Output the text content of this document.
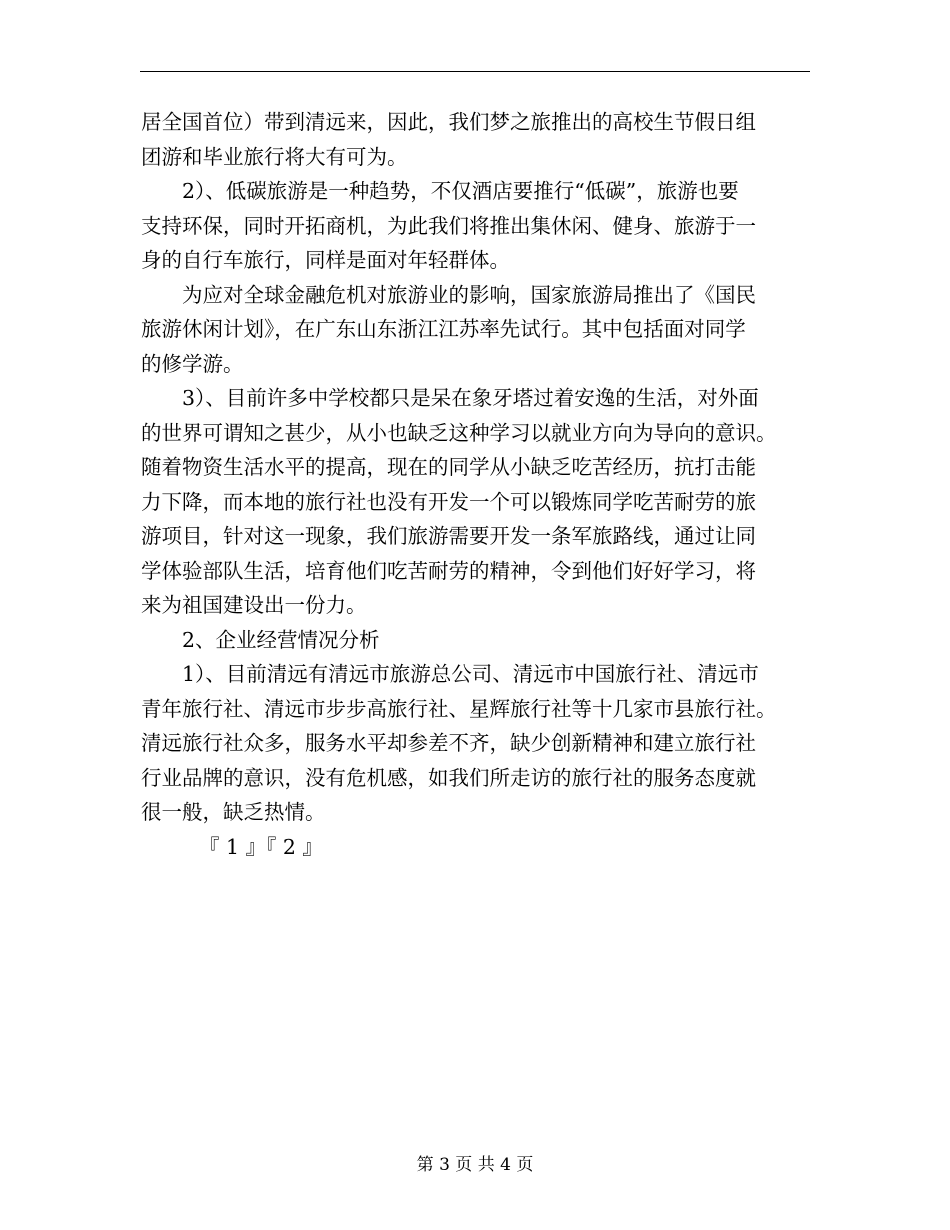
居全国首位）带到清远来，因此，我们梦之旅推出的高校生节假日组
团游和毕业旅行将大有可为。
2）、低碳旅游是一种趋势，不仅酒店要推行“低碳”，旅游也要
支持环保，同时开拓商机，为此我们将推出集休闲、健身、旅游于一
身的自行车旅行，同样是面对年轻群体。
为应对全球金融危机对旅游业的影响，国家旅游局推出了《国民
旅游休闲计划》，在广东山东浙江江苏率先试行。其中包括面对同学
的修学游。
3）、目前许多中学校都只是呆在象牙塔过着安逸的生活，对外面
的世界可谓知之甚少，从小也缺乏这种学习以就业方向为导向的意识。
随着物资生活水平的提高，现在的同学从小缺乏吃苦经历，抗打击能
力下降，而本地的旅行社也没有开发一个可以锻炼同学吃苦耐劳的旅
游项目，针对这一现象，我们旅游需要开发一条军旅路线，通过让同
学体验部队生活，培育他们吃苦耐劳的精神，令到他们好好学习，将
来为祖国建设出一份力。
2、企业经营情况分析
1）、目前清远有清远市旅游总公司、清远市中国旅行社、清远市
青年旅行社、清远市步步高旅行社、星辉旅行社等十几家市县旅行社。
清远旅行社众多，服务水平却参差不齐，缺少创新精神和建立旅行社
行业品牌的意识，没有危机感，如我们所走访的旅行社的服务态度就
很一般，缺乏热情。
『 1 』『 2 』
第 3 页 共 4 页
